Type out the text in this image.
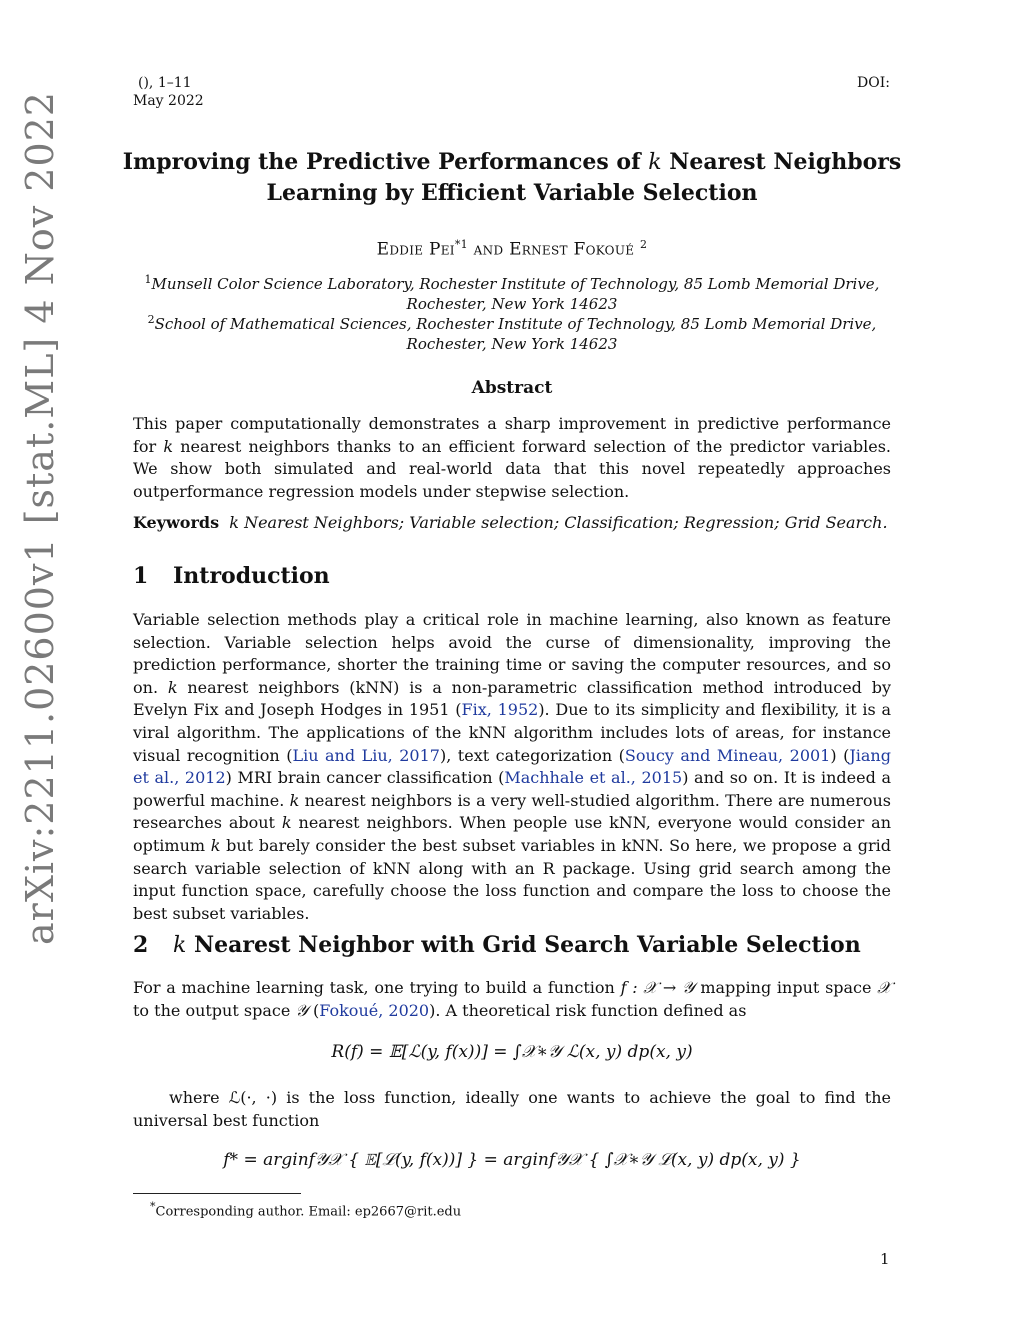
(), 1–11
May 2022
DOI:
arXiv:2211.02600v1 [stat.ML] 4 Nov 2022	Improving the Predictive Performances of k Nearest Neighbors
Learning by Efficient Variable Selection
Eddie Pei$^{*1}$ and Ernest Fokoué $^2$
$^1$Munsell Color Science Laboratory, Rochester Institute of Technology, 85 Lomb Memorial Drive,
Rochester, New York 14623
$^2$School of Mathematical Sciences, Rochester Institute of Technology, 85 Lomb Memorial Drive,
Rochester, New York 14623
Abstract
This paper computationally demonstrates a sharp improvement in predictive performance for k nearest neighbors thanks to an efficient forward selection of the predictor variables. We show both simulated and real-world data that this novel repeatedly approaches outperformance regression models under stepwise selection.
Keywords k Nearest Neighbors; Variable selection; Classification; Regression; Grid Search.
1 Introduction
Variable selection methods play a critical role in machine learning, also known as feature selection. Variable selection helps avoid the curse of dimensionality, improving the prediction performance, shorter the training time or saving the computer resources, and so on. k nearest neighbors (kNN) is a non-parametric classification method introduced by Evelyn Fix and Joseph Hodges in 1951 (Fix, 1952). Due to its simplicity and flexibility, it is a viral algorithm. The applications of the kNN algorithm includes lots of areas, for instance visual recognition (Liu and Liu, 2017), text categorization (Soucy and Mineau, 2001) (Jiang et al., 2012) MRI brain cancer classification (Machhale et al., 2015) and so on. It is indeed a powerful machine. k nearest neighbors is a very well-studied algorithm. There are numerous researches about k nearest neighbors. When people use kNN, everyone would consider an optimum k but barely consider the best subset variables in kNN. So here, we propose a grid search variable selection of kNN along with an R package. Using grid search among the input function space, carefully choose the loss function and compare the loss to choose the best subset variables.
2 k Nearest Neighbor with Grid Search Variable Selection
For a machine learning task, one trying to build a function f : 𝒳 → 𝒴 mapping input space 𝒳 to the output space 𝒴 (Fokoué, 2020). A theoretical risk function defined as
R(f) = 𝔼[ℒ(y, f(x))] = ∫𝒳∗𝒴 ℒ(x, y) dp(x, y)
where ℒ(·, ·) is the loss function, ideally one wants to achieve the goal to find the universal best function
f* = arginf𝒴𝒳 { 𝔼[ℒ(y, f(x))] } = arginf𝒴𝒳 { ∫𝒳∗𝒴 ℒ(x, y) dp(x, y) }
*Corresponding author. Email: ep2667@rit.edu
1
